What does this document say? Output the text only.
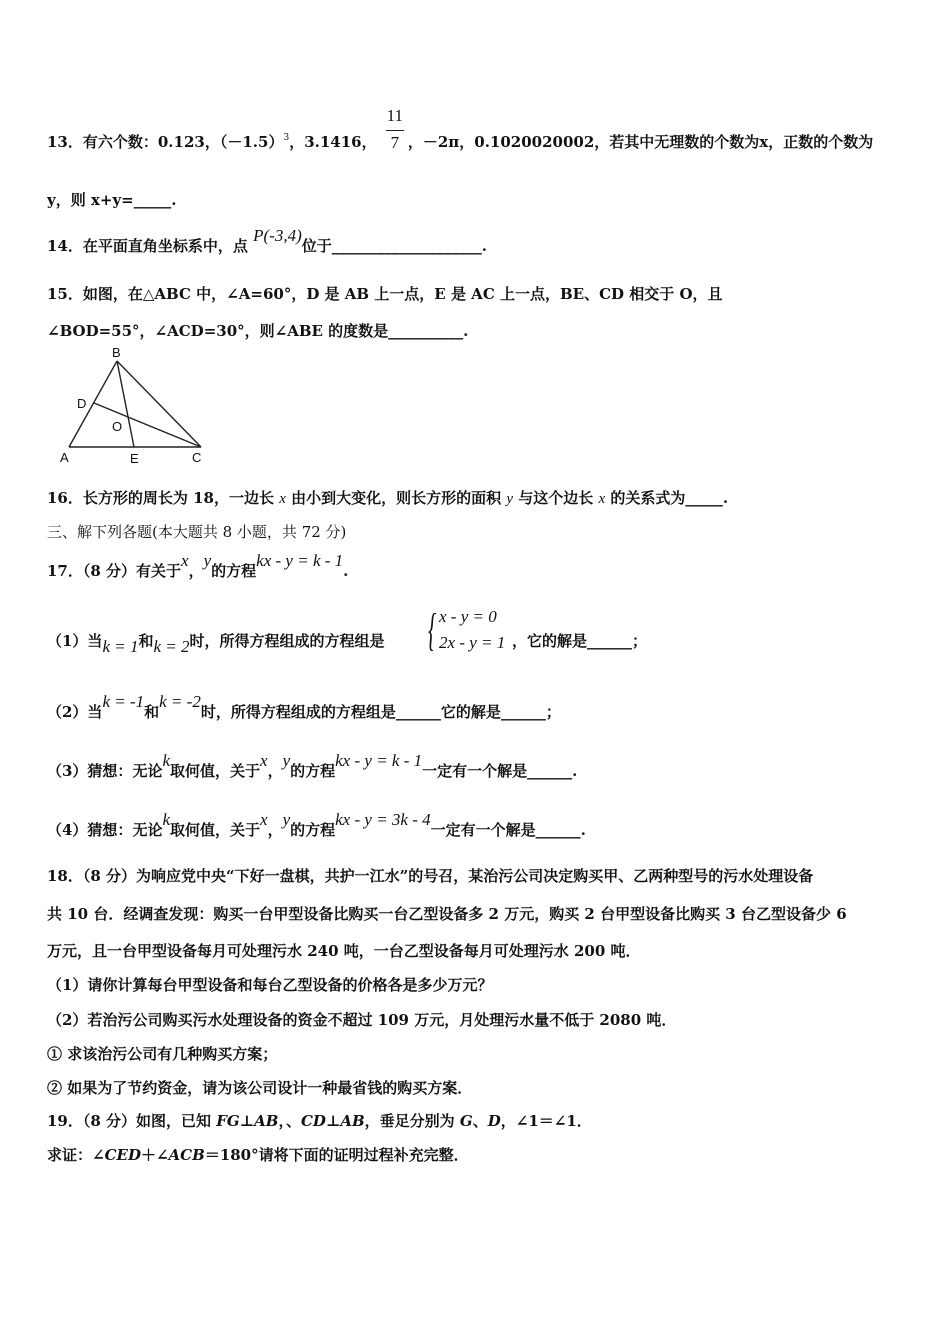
13．有六个数：0.123，$(-1.5)^3$，3.1416， $\frac{11}{7}$ ，－2π，0.1020020002，若其中无理数的个数为x，正数的个数为
y，则 x+y=_____.
14．在平面直角坐标系中，点 P(-3,4)位于____________________.
15．如图，在△ABC 中，∠A=60°，D 是 AB 上一点，E 是 AC 上一点，BE、CD 相交于 O，且
∠BOD=55°，∠ACD=30°，则∠ABE 的度数是__________.
B
D
O
A	E	C
16．长方形的周长为 18，一边长 x 由小到大变化，则长方形的面积 y 与这个边长 x 的关系式为_____.
三、解下列各题(本大题共 8 小题，共 72 分)
17．（8 分）有关于x，y的方程kx - y = k - 1.
（1）当k = 1和k = 2时，所得方程组成的方程组是 { x - y = 0
2x - y = 1 ，它的解是______；
（2）当k = -1和k = -2时，所得方程组成的方程组是______它的解是______；
（3）猜想：无论k取何值，关于x，y的方程kx - y = k - 1一定有一个解是______.
（4）猜想：无论k取何值，关于x，y的方程kx - y = 3k - 4一定有一个解是______.
18．（8 分）为响应党中央“下好一盘棋，共护一江水”的号召，某治污公司决定购买甲、乙两种型号的污水处理设备
共 10 台．经调查发现：购买一台甲型设备比购买一台乙型设备多 2 万元，购买 2 台甲型设备比购买 3 台乙型设备少 6
万元，且一台甲型设备每月可处理污水 240 吨，一台乙型设备每月可处理污水 200 吨．
（1）请你计算每台甲型设备和每台乙型设备的价格各是多少万元？
（2）若治污公司购买污水处理设备的资金不超过 109 万元，月处理污水量不低于 2080 吨．
① 求该治污公司有几种购买方案；
② 如果为了节约资金，请为该公司设计一种最省钱的购买方案．
19．（8 分）如图，已知 FG⊥AB，、CD⊥AB，垂足分别为 G、D，∠1＝∠1．
求证：∠CED＋∠ACB＝180°请将下面的证明过程补充完整．
